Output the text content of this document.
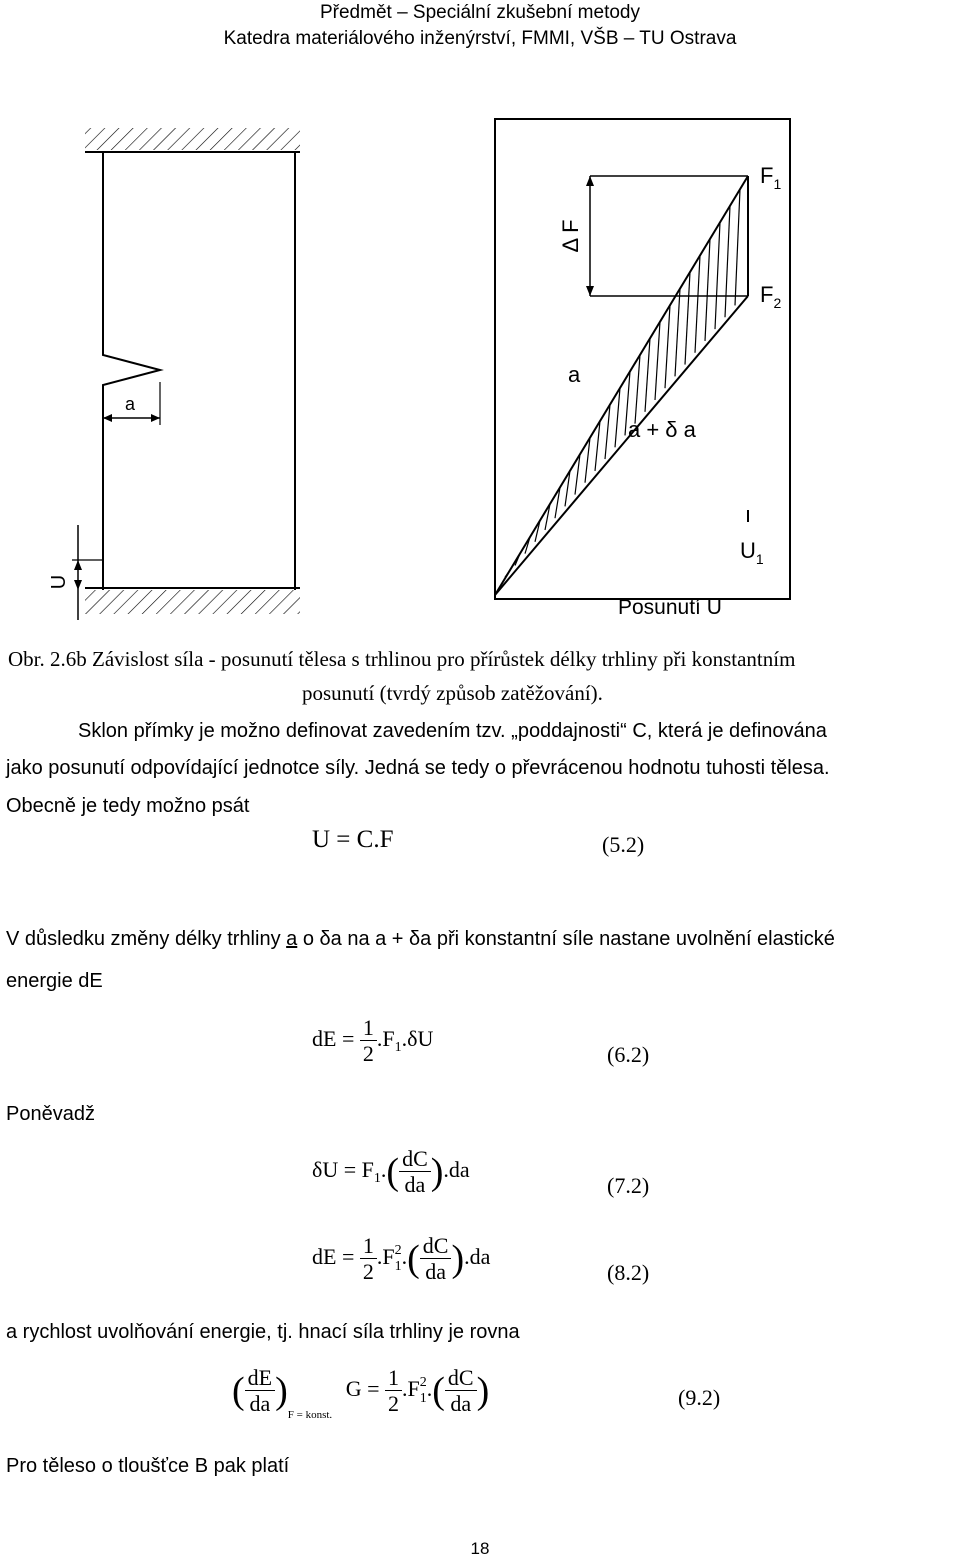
Předmět – Speciální zkušební metody
Katedra materiálového inženýrství, FMMI, VŠB – TU Ostrava
a
U
$F_1$
$F_2$
Δ F
a
a + δ a
$U_1$
Posunutí U
Obr. 2.6b Závislost síla - posunutí tělesa s trhlinou pro přírůstek délky trhliny při konstantním
posunutí (tvrdý způsob zatěžování).
Sklon přímky je možno definovat zavedením tzv. „poddajnosti“ C, která je definována
jako posunutí odpovídající jednotce síly. Jedná se tedy o převrácenou hodnotu tuhosti tělesa.
Obecně je tedy možno psát
U = C.F	(5.2)
V důsledku změny délky trhliny a o δa na a + δa při konstantní síle nastane uvolnění elastické
energie dE
dE = $\frac{1}{2} .F_1.\delta U$
(6.2)
Poněvadž
$\delta U = F_1.( \frac{dC}{da} ).da$
(7.2)
dE = $\frac{1}{2} .F$ 2
1 .( $\frac{dC}{da} ).da$
(8.2)
a rychlost uvolňování energie, tj. hnací síla trhliny je rovna
( $\frac{dE}{da} )_{F = konst.}$ $G = \frac{1}{2} .F$ 2
1 .( $\frac{dC}{da}$ )	(9.2)
Pro těleso o tloušťce B pak platí
18
